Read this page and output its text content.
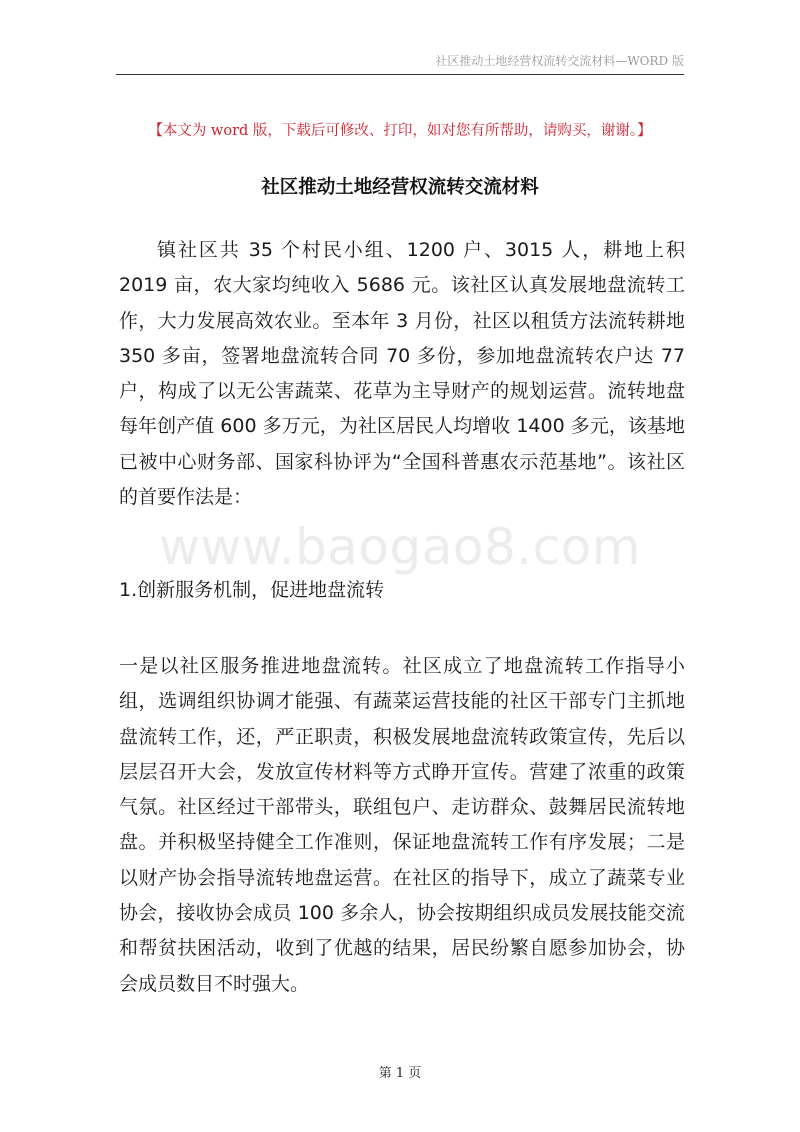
社区推动土地经营权流转交流材料—WORD 版
【本文为 word 版，下载后可修改、打印，如对您有所帮助，请购买，谢谢。】
社区推动土地经营权流转交流材料

镇社区共 35 个村民小组、1200 户、3015 人，耕地上积 2019 亩，农大家均纯收入 5686 元。该社区认真发展地盘流转工作，大力发展高效农业。至本年 3 月份，社区以租赁方法流转耕地 350 多亩，签署地盘流转合同 70 多份，参加地盘流转农户达 77 户，构成了以无公害蔬菜、花草为主导财产的规划运营。流转地盘每年创产值 600 多万元，为社区居民人均增收 1400 多元，该基地已被中心财务部、国家科协评为“全国科普惠农示范基地”。该社区的首要作法是：

www.baogao8.com
1.创新服务机制，促进地盘流转

一是以社区服务推进地盘流转。社区成立了地盘流转工作指导小组，选调组织协调才能强、有蔬菜运营技能的社区干部专门主抓地盘流转工作，还，严正职责，积极发展地盘流转政策宣传，先后以层层召开大会，发放宣传材料等方式睁开宣传。营建了浓重的政策气氛。社区经过干部带头，联组包户、走访群众、鼓舞居民流转地盘。并积极坚持健全工作准则，保证地盘流转工作有序发展；二是以财产协会指导流转地盘运营。在社区的指导下，成立了蔬菜专业协会，接收协会成员 100 多余人，协会按期组织成员发展技能交流和帮贫扶困活动，收到了优越的结果，居民纷繁自愿参加协会，协会成员数目不时强大。

第 1 页
